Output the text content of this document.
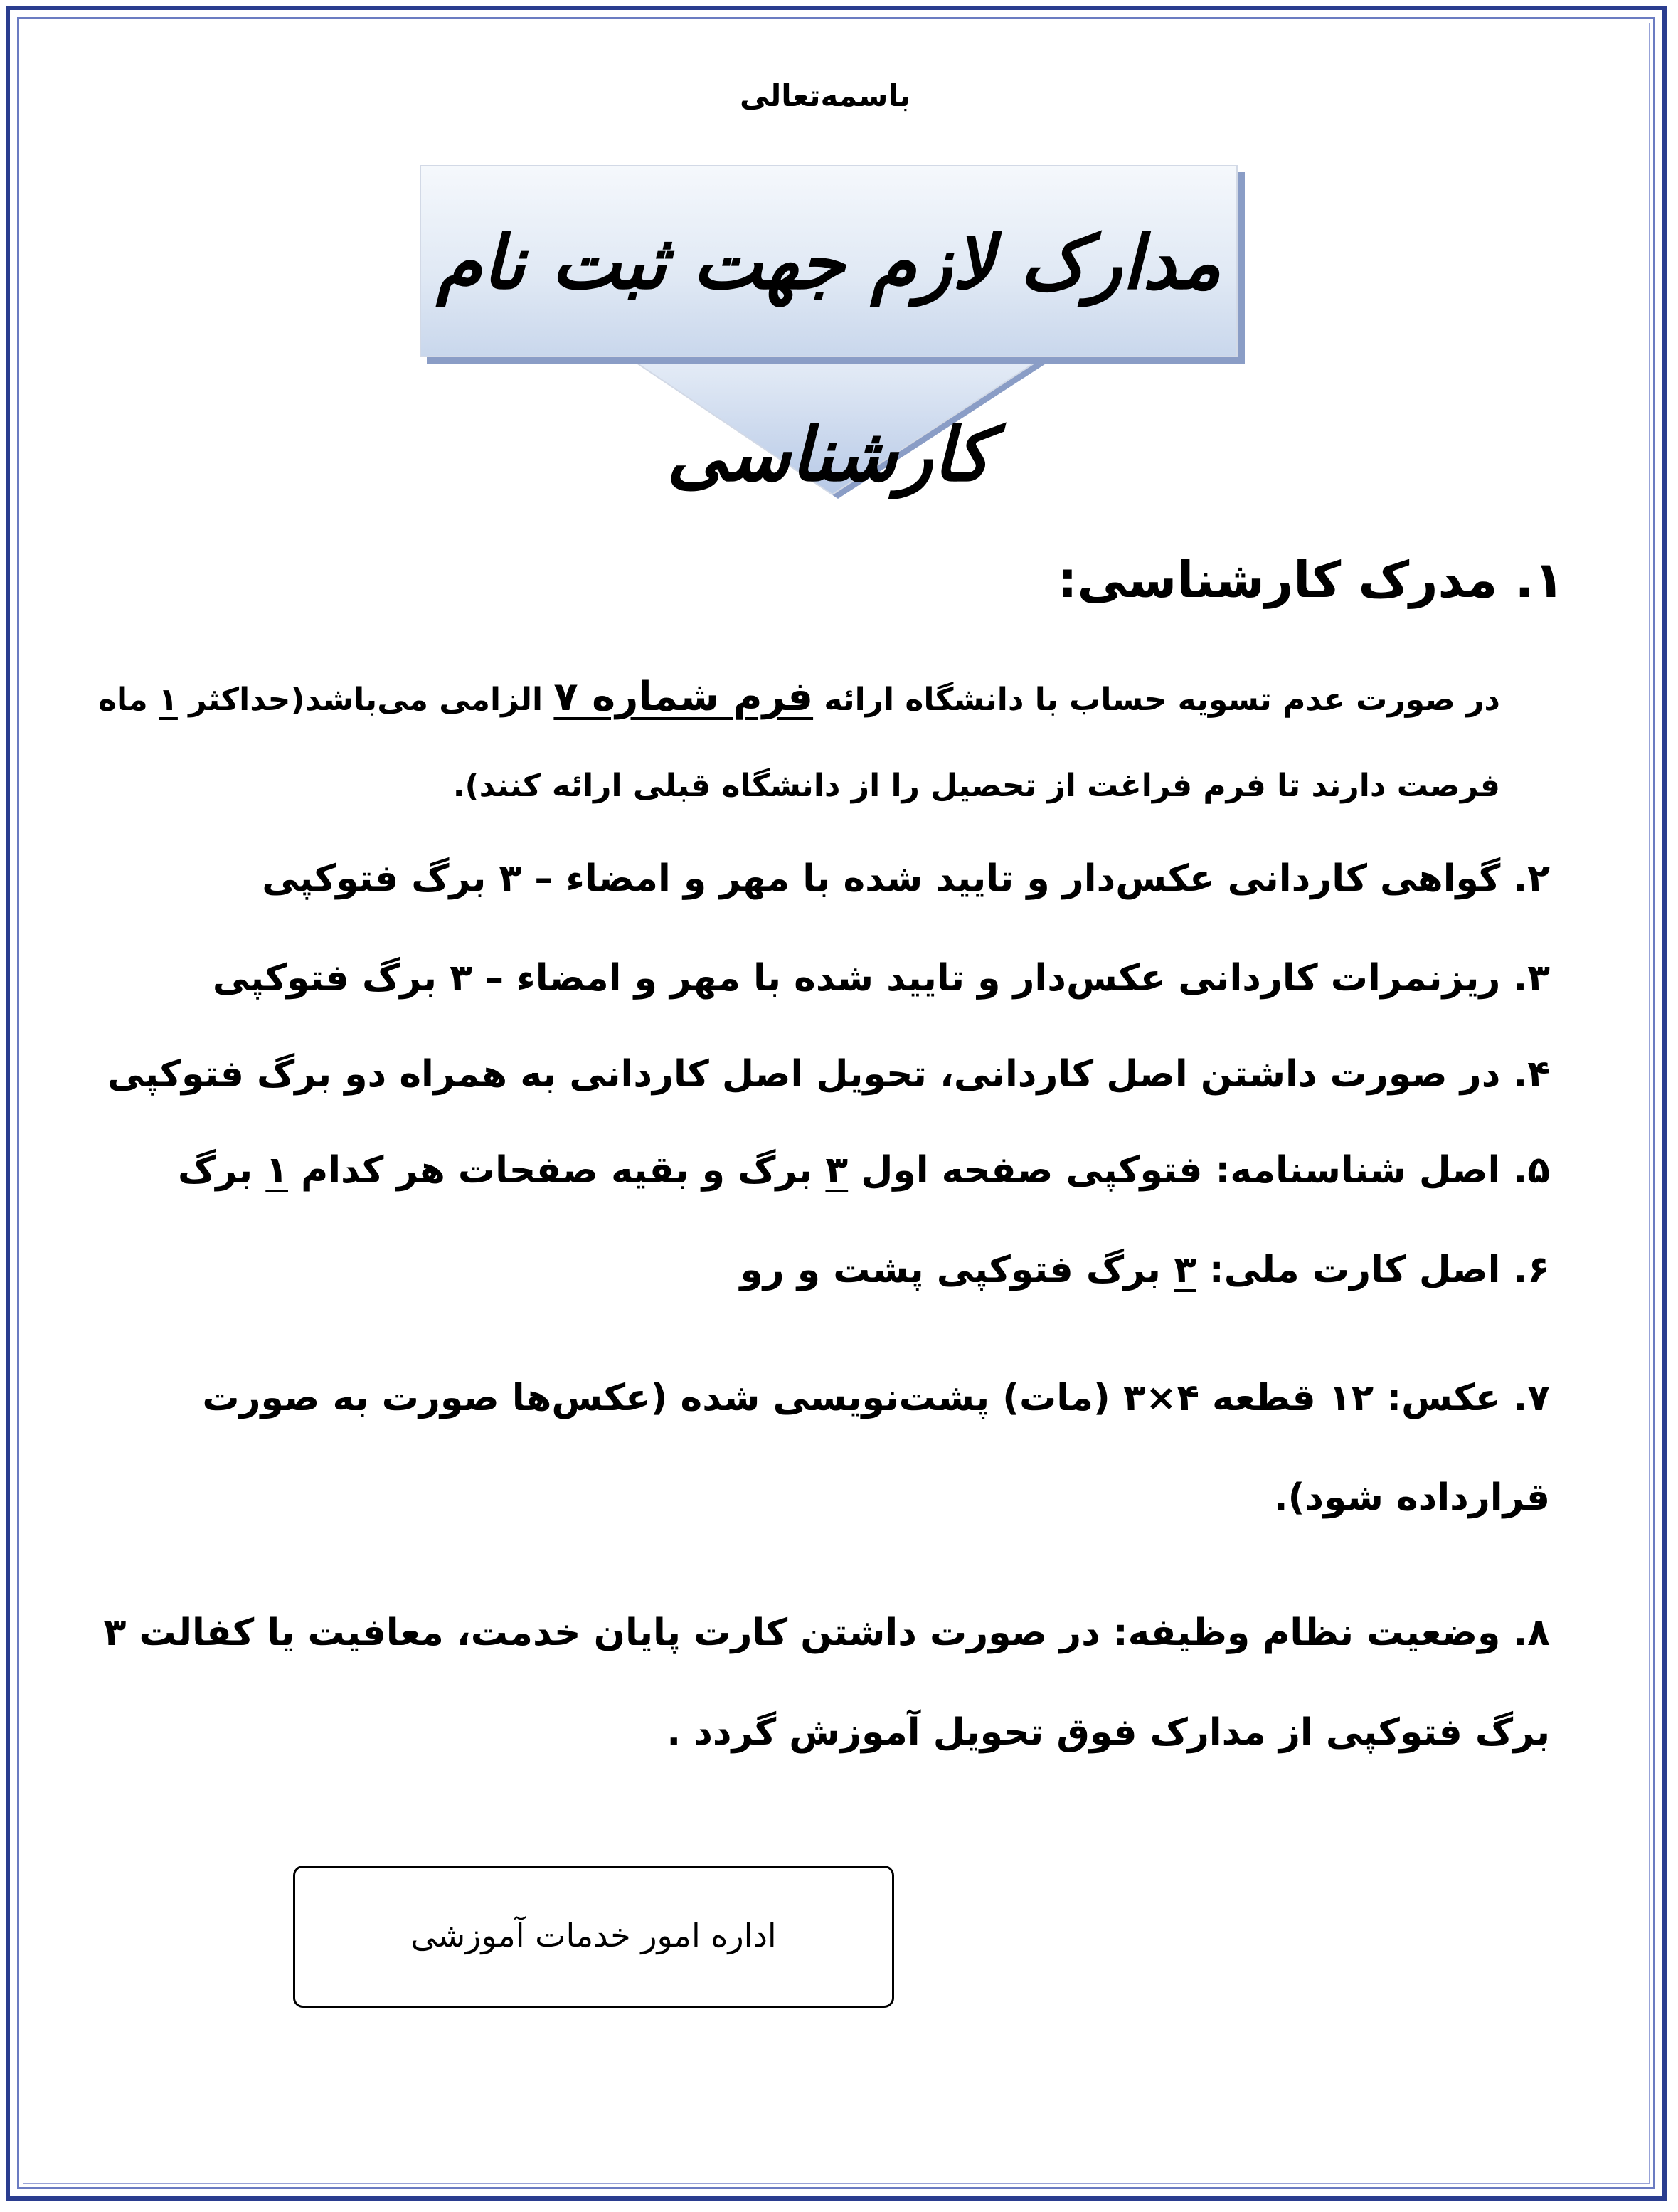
باسمه‌تعالی
مدارک لازم جهت ثبت نام کارشناسی
۱. مدرک کارشناسی:
در صورت عدم تسویه حساب با دانشگاه ارائه فرم شماره ۷ الزامی می‌باشد(حداکثر ۱ ماه
فرصت دارند تا فرم فراغت از تحصیل را از دانشگاه قبلی ارائه کنند).
۲. گواهی کاردانی عکس‌دار و تایید شده با مهر و امضاء – ۳ برگ فتوکپی
۳. ریزنمرات کاردانی عکس‌دار و تایید شده با مهر و امضاء – ۳ برگ فتوکپی
۴. در صورت داشتن اصل کاردانی، تحویل اصل کاردانی به همراه دو برگ فتوکپی
۵. اصل شناسنامه: فتوکپی صفحه اول ۳ برگ و بقیه صفحات هر کدام ۱ برگ
۶. اصل کارت ملی: ۳ برگ فتوکپی پشت و رو
۷. عکس: ۱۲ قطعه ۴×۳ (مات) پشت‌نویسی شده (عکس‌ها صورت به صورت
قرارداده شود).
۸. وضعیت نظام وظیفه: در صورت داشتن کارت پایان خدمت، معافیت یا کفالت ۳
برگ فتوکپی از مدارک فوق تحویل آموزش گردد .
اداره امور خدمات آموزشی
